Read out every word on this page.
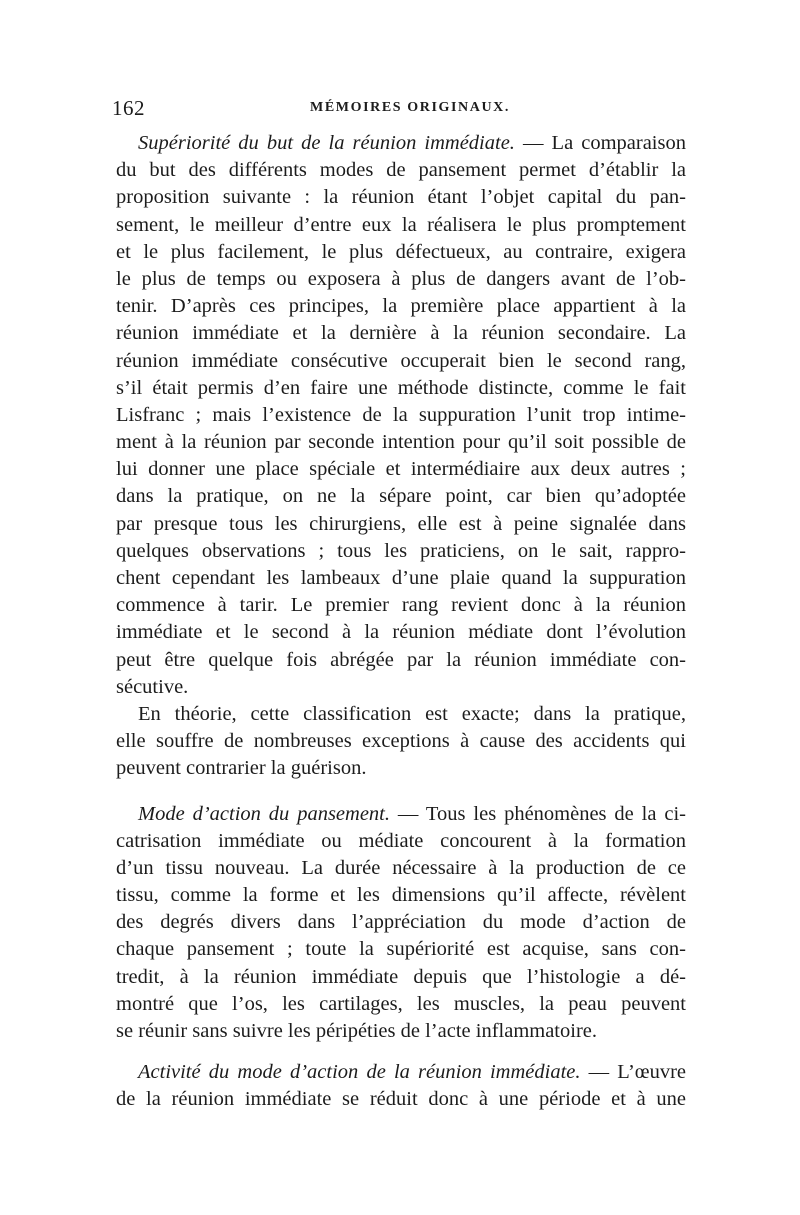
162	MÉMOIRES ORIGINAUX.
Supériorité du but de la réunion immédiate. — La comparaison
du but des différents modes de pansement permet d’établir la
proposition suivante : la réunion étant l’objet capital du pan-
sement, le meilleur d’entre eux la réalisera le plus promptement
et le plus facilement, le plus défectueux, au contraire, exigera
le plus de temps ou exposera à plus de dangers avant de l’ob-
tenir. D’après ces principes, la première place appartient à la
réunion immédiate et la dernière à la réunion secondaire. La
réunion immédiate consécutive occuperait bien le second rang,
s’il était permis d’en faire une méthode distincte, comme le fait
Lisfranc ; mais l’existence de la suppuration l’unit trop intime-
ment à la réunion par seconde intention pour qu’il soit possible de
lui donner une place spéciale et intermédiaire aux deux autres ;
dans la pratique, on ne la sépare point, car bien qu’adoptée
par presque tous les chirurgiens, elle est à peine signalée dans
quelques observations ; tous les praticiens, on le sait, rappro-
chent cependant les lambeaux d’une plaie quand la suppuration
commence à tarir. Le premier rang revient donc à la réunion
immédiate et le second à la réunion médiate dont l’évolution
peut être quelque fois abrégée par la réunion immédiate con-
sécutive.
En théorie, cette classification est exacte; dans la pratique,
elle souffre de nombreuses exceptions à cause des accidents qui
peuvent contrarier la guérison.
Mode d’action du pansement. — Tous les phénomènes de la ci-
catrisation immédiate ou médiate concourent à la formation
d’un tissu nouveau. La durée nécessaire à la production de ce
tissu, comme la forme et les dimensions qu’il affecte, révèlent
des degrés divers dans l’appréciation du mode d’action de
chaque pansement ; toute la supériorité est acquise, sans con-
tredit, à la réunion immédiate depuis que l’histologie a dé-
montré que l’os, les cartilages, les muscles, la peau peuvent
se réunir sans suivre les péripéties de l’acte inflammatoire.
Activité du mode d’action de la réunion immédiate. — L’œuvre
de la réunion immédiate se réduit donc à une période et à une
